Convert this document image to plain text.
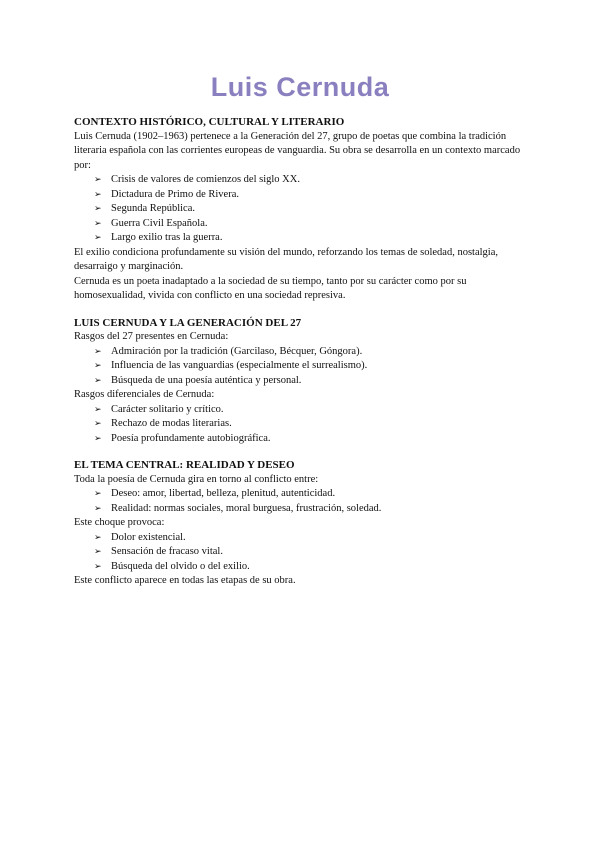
Luis Cernuda

CONTEXTO HISTÓRICO, CULTURAL Y LITERARIO

Luis Cernuda (1902–1963) pertenece a la Generación del 27, grupo de poetas que combina la tradición literaria española con las corrientes europeas de vanguardia. Su obra se desarrolla en un contexto marcado por:

➢ Crisis de valores de comienzos del siglo XX.
➢ Dictadura de Primo de Rivera.
➢ Segunda República.
➢ Guerra Civil Española.
➢ Largo exilio tras la guerra.

El exilio condiciona profundamente su visión del mundo, reforzando los temas de soledad, nostalgia, desarraigo y marginación.

Cernuda es un poeta inadaptado a la sociedad de su tiempo, tanto por su carácter como por su homosexualidad, vivida con conflicto en una sociedad represiva.

LUIS CERNUDA Y LA GENERACIÓN DEL 27

Rasgos del 27 presentes en Cernuda:

➢ Admiración por la tradición (Garcilaso, Bécquer, Góngora).
➢ Influencia de las vanguardias (especialmente el surrealismo).
➢ Búsqueda de una poesía auténtica y personal.

Rasgos diferenciales de Cernuda:

➢ Carácter solitario y crítico.
➢ Rechazo de modas literarias.
➢ Poesía profundamente autobiográfica.

EL TEMA CENTRAL: REALIDAD Y DESEO

Toda la poesía de Cernuda gira en torno al conflicto entre:

➢ Deseo: amor, libertad, belleza, plenitud, autenticidad.
➢ Realidad: normas sociales, moral burguesa, frustración, soledad.

Este choque provoca:

➢ Dolor existencial.
➢ Sensación de fracaso vital.
➢ Búsqueda del olvido o del exilio.

Este conflicto aparece en todas las etapas de su obra.
